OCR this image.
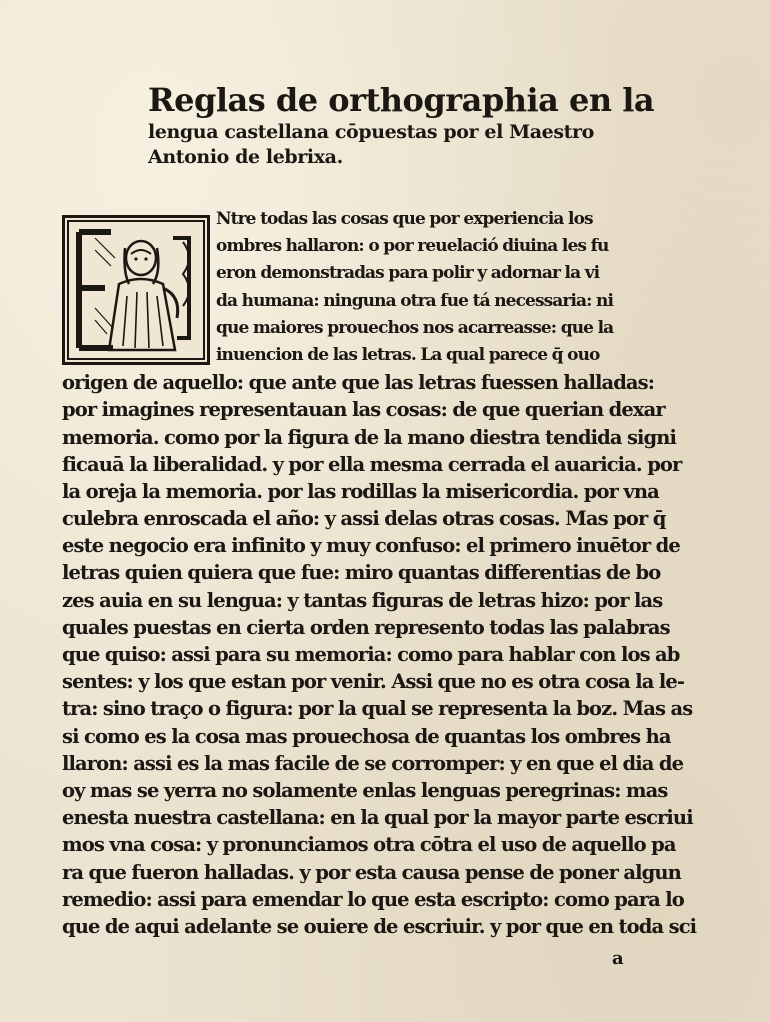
Reglas de orthographia en la
lengua castellana cōpuestas por el Maestro
Antonio de lebrixa.
Ntre todas las cosas que por experiencia los
ombres hallaron: o por reuelació diuina les fu
eron demonstradas para polir y adornar la vi
da humana: ninguna otra fue tá necessaria: ni
que maiores prouechos nos acarreasse: que la
inuencion de las letras. La qual parece q̄ ouo
origen de aquello: que ante que las letras fuessen halladas:
por imagines representauan las cosas: de que querian dexar
memoria. como por la figura de la mano diestra tendida signi
ficauā la liberalidad. y por ella mesma cerrada el auaricia. por
la oreja la memoria. por las rodillas la misericordia. por vna
culebra enroscada el año: y assi delas otras cosas. Mas por q̄
este negocio era infinito y muy confuso: el primero inuētor de
letras quien quiera que fue: miro quantas differentias de bo
zes auia en su lengua: y tantas figuras de letras hizo: por las
quales puestas en cierta orden represento todas las palabras
que quiso: assi para su memoria: como para hablar con los ab
sentes: y los que estan por venir. Assi que no es otra cosa la le-
tra: sino traço o figura: por la qual se representa la boz. Mas as
si como es la cosa mas prouechosa de quantas los ombres ha
llaron: assi es la mas facile de se corromper: y en que el dia de
oy mas se yerra no solamente enlas lenguas peregrinas: mas
enesta nuestra castellana: en la qual por la mayor parte escriui
mos vna cosa: y pronunciamos otra cōtra el uso de aquello pa
ra que fueron halladas. y por esta causa pense de poner algun
remedio: assi para emendar lo que esta escripto: como para lo
que de aqui adelante se ouiere de escriuir. y por que en toda sci
a
